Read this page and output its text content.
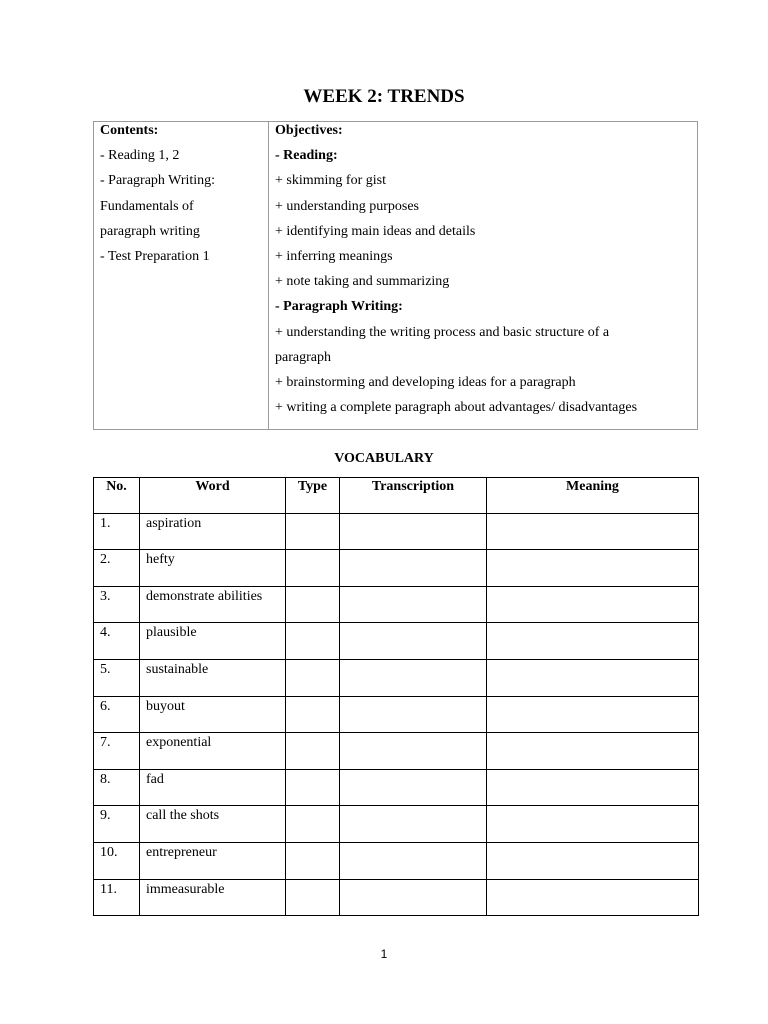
WEEK 2: TRENDS
Contents:
- Reading 1, 2
- Paragraph Writing:
Fundamentals of
paragraph writing
- Test Preparation 1

Objectives:
- Reading:
+ skimming for gist
+ understanding purposes
+ identifying main ideas and details
+ inferring meanings
+ note taking and summarizing
- Paragraph Writing:
+ understanding the writing process and basic structure of a
paragraph
+ brainstorming and developing ideas for a paragraph
+ writing a complete paragraph about advantages/ disadvantages
VOCABULARY
No.	Word	Type	Transcription	Meaning
1.	aspiration			
2.	hefty			
3.	demonstrate abilities			
4.	plausible			
5.	sustainable			
6.	buyout			
7.	exponential			
8.	fad			
9.	call the shots			
10.	entrepreneur			
11.	immeasurable			
1
